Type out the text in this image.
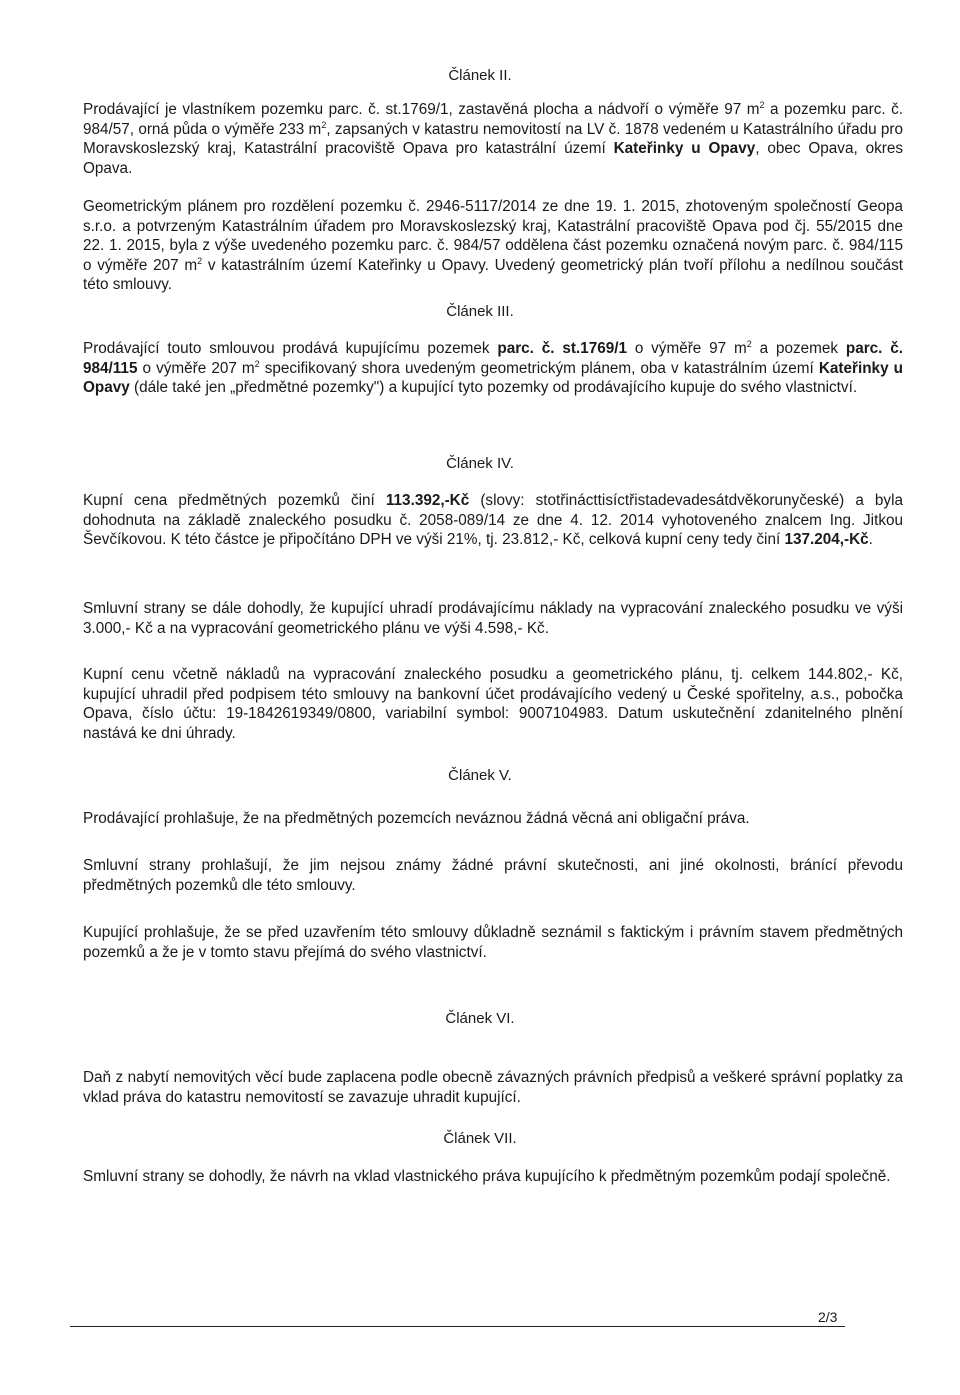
Článek II.

Prodávající je vlastníkem pozemku parc. č. st.1769/1, zastavěná plocha a nádvoří o výměře 97 $m^2$ a pozemku parc. č. 984/57, orná půda o výměře 233 $m^2$, zapsaných v katastru nemovitostí na LV č. 1878 vedeném u Katastrálního úřadu pro Moravskoslezský kraj, Katastrální pracoviště Opava pro katastrální území Kateřinky u Opavy, obec Opava, okres Opava.

Geometrickým plánem pro rozdělení pozemku č. 2946-5117/2014 ze dne 19. 1. 2015, zhotoveným společností Geopa s.r.o. a potvrzeným Katastrálním úřadem pro Moravskoslezský kraj, Katastrální pracoviště Opava pod čj. 55/2015 dne 22. 1. 2015, byla z výše uvedeného pozemku parc. č. 984/57 oddělena část pozemku označená novým parc. č. 984/115 o výměře 207 $m^2$ v katastrálním území Kateřinky u Opavy. Uvedený geometrický plán tvoří přílohu a nedílnou součást této smlouvy.

Článek III.

Prodávající touto smlouvou prodává kupujícímu pozemek parc. č. st.1769/1 o výměře 97 $m^2$ a pozemek parc. č. 984/115 o výměře 207 $m^2$ specifikovaný shora uvedeným geometrickým plánem, oba v katastrálním území Kateřinky u Opavy (dále také jen „předmětné pozemky") a kupující tyto pozemky od prodávajícího kupuje do svého vlastnictví.

Článek IV.

Kupní cena předmětných pozemků činí 113.392,-Kč (slovy: stotřinácttisíctřistadevadesátdvěkorunyčeské) a byla dohodnuta na základě znaleckého posudku č. 2058-089/14 ze dne 4. 12. 2014 vyhotoveného znalcem Ing. Jitkou Ševčíkovou. K této částce je připočítáno DPH ve výši 21%, tj. 23.812,- Kč, celková kupní ceny tedy činí 137.204,-Kč.

Smluvní strany se dále dohodly, že kupující uhradí prodávajícímu náklady na vypracování znaleckého posudku ve výši 3.000,- Kč a na vypracování geometrického plánu ve výši 4.598,- Kč.

Kupní cenu včetně nákladů na vypracování znaleckého posudku a geometrického plánu, tj. celkem 144.802,- Kč, kupující uhradil před podpisem této smlouvy na bankovní účet prodávajícího vedený u České spořitelny, a.s., pobočka Opava, číslo účtu: 19-1842619349/0800, variabilní symbol: 9007104983. Datum uskutečnění zdanitelného plnění nastává ke dni úhrady.

Článek V.

Prodávající prohlašuje, že na předmětných pozemcích neváznou žádná věcná ani obligační práva.

Smluvní strany prohlašují, že jim nejsou známy žádné právní skutečnosti, ani jiné okolnosti, bránící převodu předmětných pozemků dle této smlouvy.

Kupující prohlašuje, že se před uzavřením této smlouvy důkladně seznámil s faktickým i právním stavem předmětných pozemků a že je v tomto stavu přejímá do svého vlastnictví.

Článek VI.

Daň z nabytí nemovitých věcí bude zaplacena podle obecně závazných právních předpisů a veškeré správní poplatky za vklad práva do katastru nemovitostí se zavazuje uhradit kupující.

Článek VII.

Smluvní strany se dohodly, že návrh na vklad vlastnického práva kupujícího k předmětným pozemkům podají společně.

2/3
